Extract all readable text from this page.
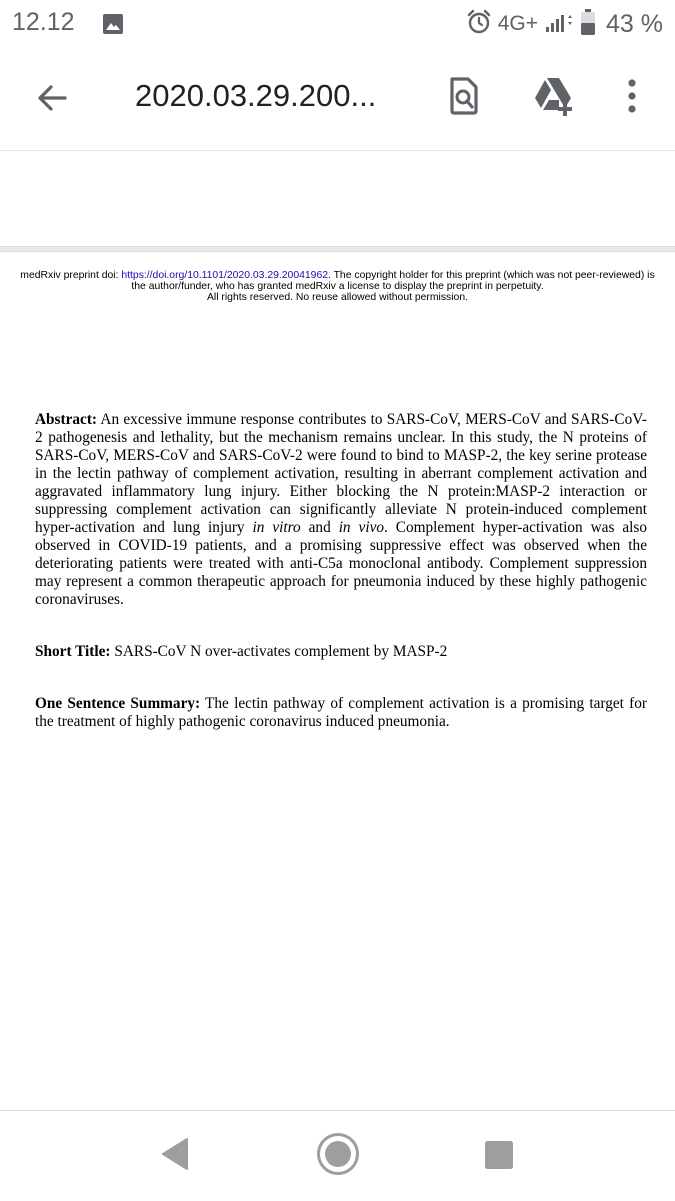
12.12	4G+	43 %
2020.03.29.200...
medRxiv preprint doi: https://doi.org/10.1101/2020.03.29.20041962. The copyright holder for this preprint (which was not peer-reviewed) is
the author/funder, who has granted medRxiv a license to display the preprint in perpetuity.
All rights reserved. No reuse allowed without permission.

Abstract: An excessive immune response contributes to SARS-CoV, MERS-CoV and SARS-CoV-2 pathogenesis and lethality, but the mechanism remains unclear. In this study, the N proteins of SARS-CoV, MERS-CoV and SARS-CoV-2 were found to bind to MASP-2, the key serine protease in the lectin pathway of complement activation, resulting in aberrant complement activation and aggravated inflammatory lung injury. Either blocking the N protein:MASP-2 interaction or suppressing complement activation can significantly alleviate N protein-induced complement hyper-activation and lung injury in vitro and in vivo. Complement hyper-activation was also observed in COVID-19 patients, and a promising suppressive effect was observed when the deteriorating patients were treated with anti-C5a monoclonal antibody. Complement suppression may represent a common therapeutic approach for pneumonia induced by these highly pathogenic coronaviruses.

Short Title: SARS-CoV N over-activates complement by MASP-2

One Sentence Summary: The lectin pathway of complement activation is a promising target for the treatment of highly pathogenic coronavirus induced pneumonia.
